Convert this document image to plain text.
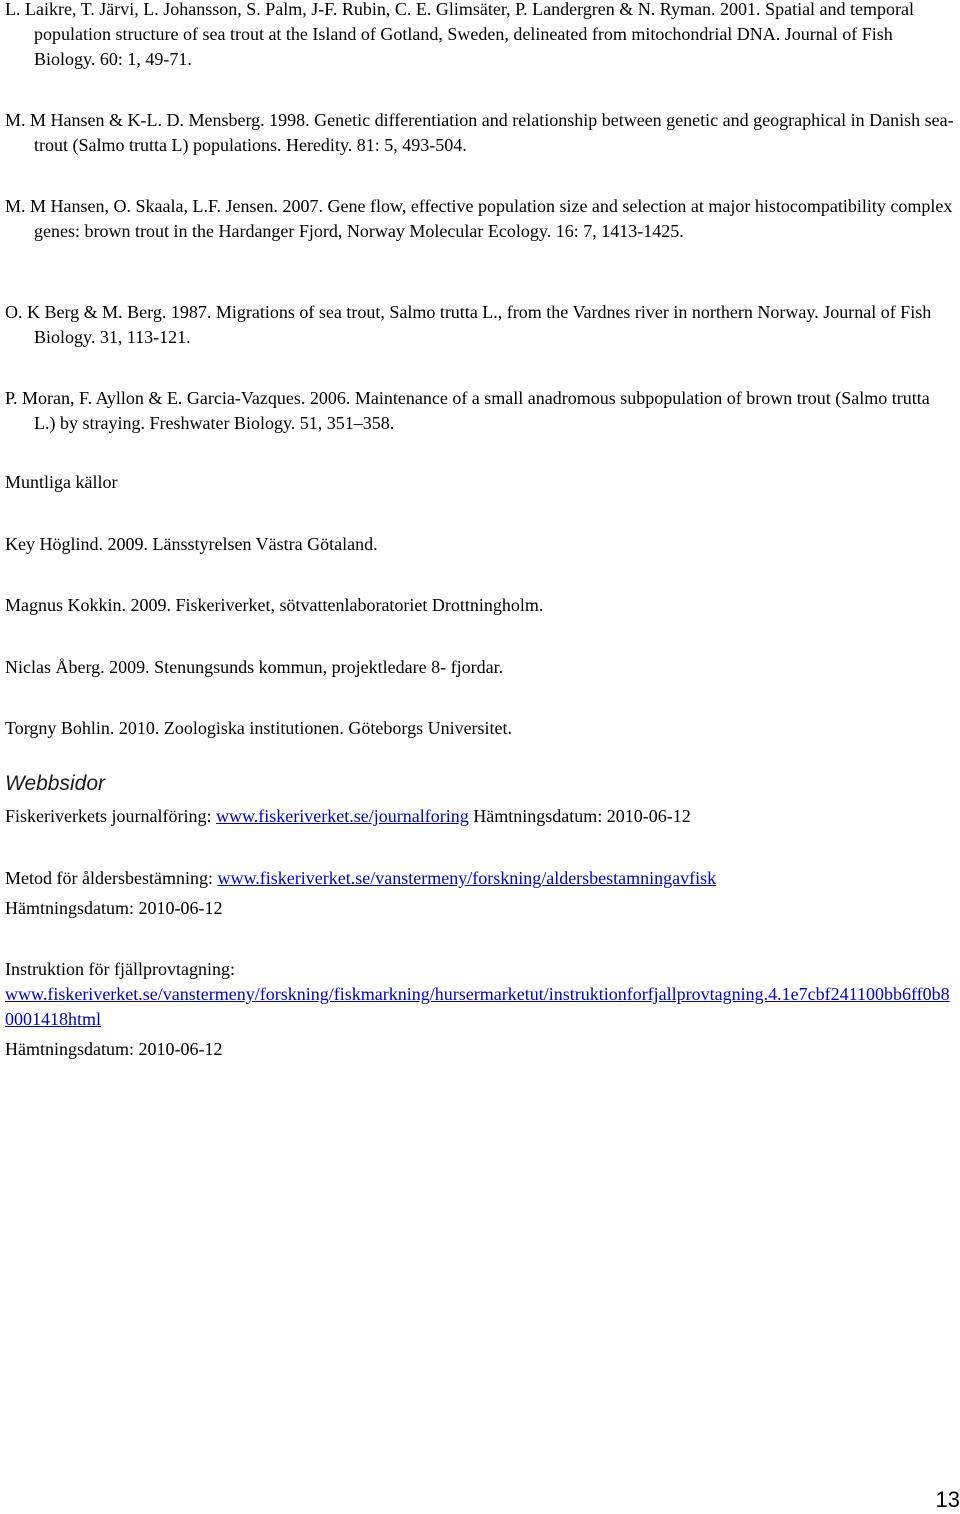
L. Laikre, T. Järvi, L. Johansson, S. Palm, J-F. Rubin, C. E. Glimsäter, P. Landergren & N. Ryman. 2001. Spatial and temporal population structure of sea trout at the Island of Gotland, Sweden, delineated from mitochondrial DNA. Journal of Fish Biology. 60: 1, 49-71.
M. M Hansen & K-L. D. Mensberg. 1998. Genetic differentiation and relationship between genetic and geographical in Danish sea-trout (Salmo trutta L) populations. Heredity. 81: 5, 493-504.
M. M Hansen, O. Skaala, L.F. Jensen. 2007. Gene flow, effective population size and selection at major histocompatibility complex genes: brown trout in the Hardanger Fjord, Norway Molecular Ecology. 16: 7, 1413-1425.
O. K Berg & M. Berg. 1987. Migrations of sea trout, Salmo trutta L., from the Vardnes river in northern Norway. Journal of Fish Biology. 31, 113-121.
P. Moran, F. Ayllon & E. Garcia-Vazques. 2006. Maintenance of a small anadromous subpopulation of brown trout (Salmo trutta L.) by straying. Freshwater Biology. 51, 351–358.
Muntliga källor
Key Höglind. 2009. Länsstyrelsen Västra Götaland.
Magnus Kokkin. 2009. Fiskeriverket, sötvattenlaboratoriet Drottningholm.
Niclas Åberg. 2009. Stenungsunds kommun, projektledare 8- fjordar.
Torgny Bohlin. 2010. Zoologiska institutionen. Göteborgs Universitet.
Webbsidor
Fiskeriverkets journalföring: www.fiskeriverket.se/journalforing Hämtningsdatum: 2010-06-12
Metod för åldersbestämning: www.fiskeriverket.se/vanstermeny/forskning/aldersbestamningavfisk
Hämtningsdatum: 2010-06-12
Instruktion för fjällprovtagning:
www.fiskeriverket.se/vanstermeny/forskning/fiskmarkning/hursermarketut/instruktionforfjallprovtagning.4.1e7cbf241100bb6ff0b80001418html
Hämtningsdatum: 2010-06-12
13
